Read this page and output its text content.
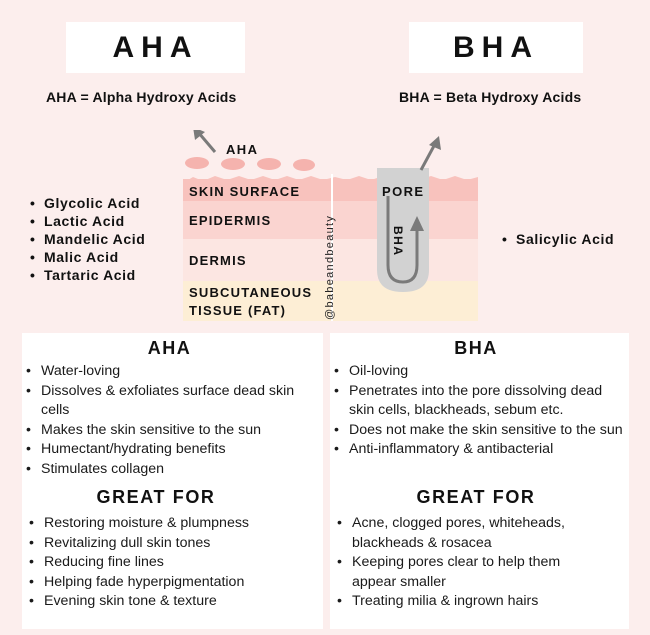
AHA	BHA
AHA = Alpha Hydroxy Acids	BHA = Beta Hydroxy Acids
• Glycolic Acid
• Lactic Acid
• Mandelic Acid
• Malic Acid
• Tartaric Acid
• Salicylic Acid
AHA
PORE
BHA
SKIN SURFACE
EPIDERMIS
DERMIS
SUBCUTANEOUS
TISSUE (FAT)	@babeandbeauty
AHA
• Water-loving
• Dissolves & exfoliates surface dead skin cells
• Makes the skin sensitive to the sun
• Humectant/hydrating benefits
• Stimulates collagen
GREAT FOR
• Restoring moisture & plumpness
• Revitalizing dull skin tones
• Reducing fine lines
• Helping fade hyperpigmentation
• Evening skin tone & texture
BHA
• Oil-loving
• Penetrates into the pore dissolving dead skin cells, blackheads, sebum etc.
• Does not make the skin sensitive to the sun
• Anti-inflammatory & antibacterial
GREAT FOR
• Acne, clogged pores, whiteheads, blackheads & rosacea
• Keeping pores clear to help them appear smaller
• Treating milia & ingrown hairs
